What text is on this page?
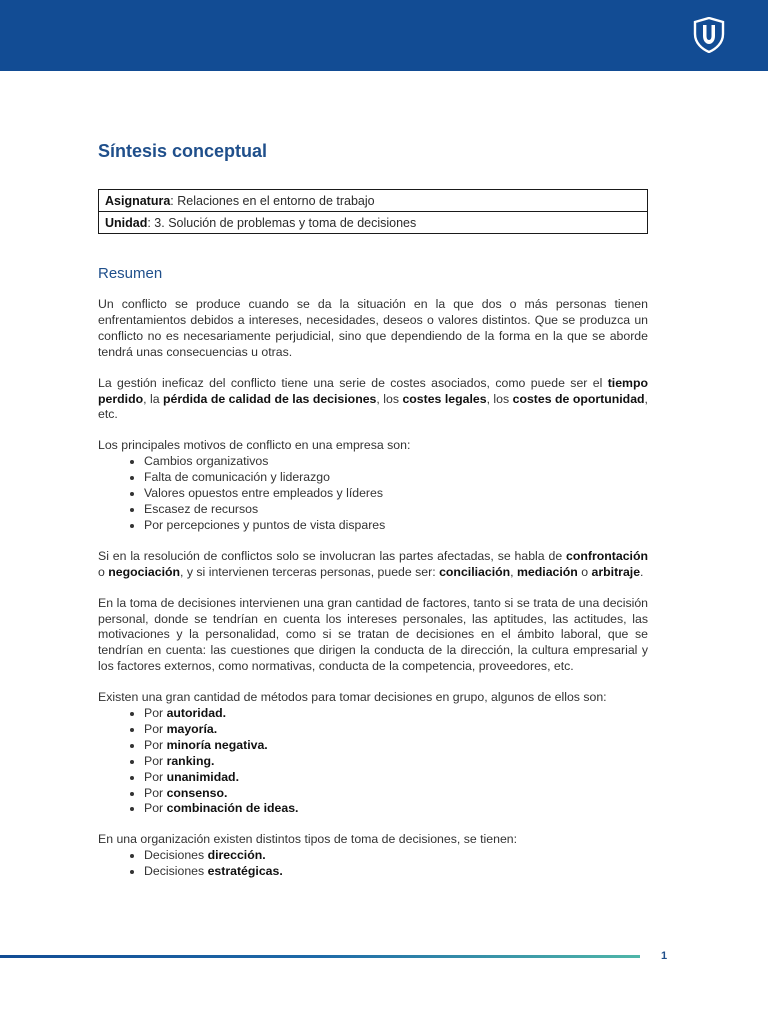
Síntesis conceptual
Asignatura: Relaciones en el entorno de trabajo
Unidad: 3. Solución de problemas y toma de decisiones
Resumen

Un conflicto se produce cuando se da la situación en la que dos o más personas tienen enfrentamientos debidos a intereses, necesidades, deseos o valores distintos. Que se produzca un conflicto no es necesariamente perjudicial, sino que dependiendo de la forma en la que se aborde tendrá unas consecuencias u otras.

La gestión ineficaz del conflicto tiene una serie de costes asociados, como puede ser el tiempo perdido, la pérdida de calidad de las decisiones, los costes legales, los costes de oportunidad, etc.

Los principales motivos de conflicto en una empresa son:

• Cambios organizativos
• Falta de comunicación y liderazgo
• Valores opuestos entre empleados y líderes
• Escasez de recursos
• Por percepciones y puntos de vista dispares

Si en la resolución de conflictos solo se involucran las partes afectadas, se habla de confrontación o negociación, y si intervienen terceras personas, puede ser: conciliación, mediación o arbitraje.

En la toma de decisiones intervienen una gran cantidad de factores, tanto si se trata de una decisión personal, donde se tendrían en cuenta los intereses personales, las aptitudes, las actitudes, las motivaciones y la personalidad, como si se tratan de decisiones en el ámbito laboral, que se tendrían en cuenta: las cuestiones que dirigen la conducta de la dirección, la cultura empresarial y los factores externos, como normativas, conducta de la competencia, proveedores, etc.

Existen una gran cantidad de métodos para tomar decisiones en grupo, algunos de ellos son:

• Por autoridad.
• Por mayoría.
• Por minoría negativa.
• Por ranking.
• Por unanimidad.
• Por consenso.
• Por combinación de ideas.

En una organización existen distintos tipos de toma de decisiones, se tienen:

• Decisiones dirección.
• Decisiones estratégicas.
1
